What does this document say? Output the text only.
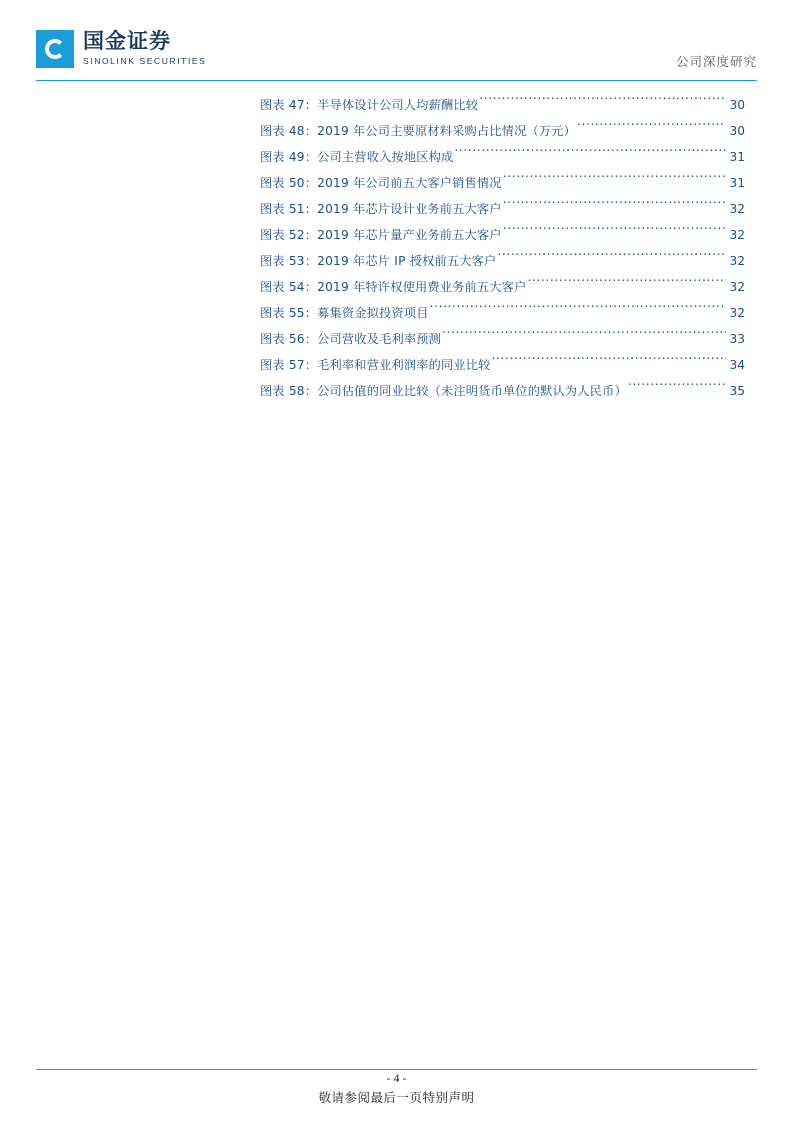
国金证券
SINOLINK SECURITIES	公司深度研究
图表 47：半导体设计公司人均薪酬比较 .....	30
图表 48：2019 年公司主要原材料采购占比情况（万元） .....	30
图表 49：公司主营收入按地区构成 .....	31
图表 50：2019 年公司前五大客户销售情况 .....	31
图表 51：2019 年芯片设计业务前五大客户 .....	32
图表 52：2019 年芯片量产业务前五大客户 .....	32
图表 53：2019 年芯片 IP 授权前五大客户 .....	32
图表 54：2019 年特许权使用费业务前五大客户 .....	32
图表 55：募集资金拟投资项目 .....	32
图表 56：公司营收及毛利率预测 .....	33
图表 57：毛利率和营业利润率的同业比较 .....	34
图表 58：公司估值的同业比较（未注明货币单位的默认为人民币） .....	35
- 4 -
敬请参阅最后一页特别声明
